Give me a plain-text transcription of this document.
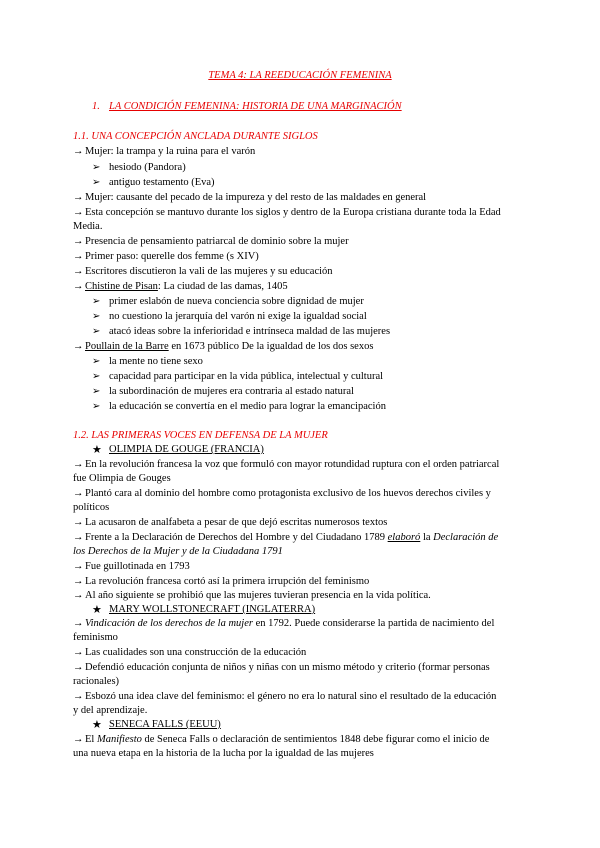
TEMA 4: LA REEDUCACIÓN FEMENINA
1. LA CONDICIÓN FEMENINA: HISTORIA DE UNA MARGINACIÓN
1.1. UNA CONCEPCIÓN ANCLADA DURANTE SIGLOS
→ Mujer: la trampa y la ruina para el varón
➢ hesiodo (Pandora)
➢ antiguo testamento (Eva)
→ Mujer: causante del pecado de la impureza y del resto de las maldades en general
→ Esta concepción se mantuvo durante los siglos y dentro de la Europa cristiana durante toda la Edad
Media.
→ Presencia de pensamiento patriarcal de dominio sobre la mujer
→ Primer paso: querelle dos femme (s XIV)
→ Escritores discutieron la vali de las mujeres y su educación
→ Chistine de Pisan: La ciudad de las damas, 1405
➢ primer eslabón de nueva conciencia sobre dignidad de mujer
➢ no cuestiono la jerarquía del varón ni exige la igualdad social
➢ atacó ideas sobre la inferioridad e intrínseca maldad de las mujeres
→ Poullain de la Barre en 1673 público De la igualdad de los dos sexos
➢ la mente no tiene sexo
➢ capacidad para participar en la vida pública, intelectual y cultural
➢ la subordinación de mujeres era contraria al estado natural
➢ la educación se convertía en el medio para lograr la emancipación
1.2. LAS PRIMERAS VOCES EN DEFENSA DE LA MUJER
★ OLIMPIA DE GOUGE (FRANCIA)
→ En la revolución francesa la voz que formuló con mayor rotundidad ruptura con el orden patriarcal
fue Olimpia de Gouges
→ Plantó cara al dominio del hombre como protagonista exclusivo de los huevos derechos civiles y
políticos
→ La acusaron de analfabeta a pesar de que dejó escritas numerosos textos
→ Frente a la Declaración de Derechos del Hombre y del Ciudadano 1789 elaboró la Declaración de
los Derechos de la Mujer y de la Ciudadana 1791
→ Fue guillotinada en 1793
→ La revolución francesa cortó así la primera irrupción del feminismo
→ Al año siguiente se prohibió que las mujeres tuvieran presencia en la vida política.
★ MARY WOLLSTONECRAFT (INGLATERRA)
→ Vindicación de los derechos de la mujer en 1792. Puede considerarse la partida de nacimiento del
feminismo
→ Las cualidades son una construcción de la educación
→ Defendió educación conjunta de niños y niñas con un mismo método y criterio (formar personas
racionales)
→ Esbozó una idea clave del feminismo: el género no era lo natural sino el resultado de la educación
y del aprendizaje.
★ SENECA FALLS (EEUU)
→ El Manifiesto de Seneca Falls o declaración de sentimientos 1848 debe figurar como el inicio de
una nueva etapa en la historia de la lucha por la igualdad de las mujeres
